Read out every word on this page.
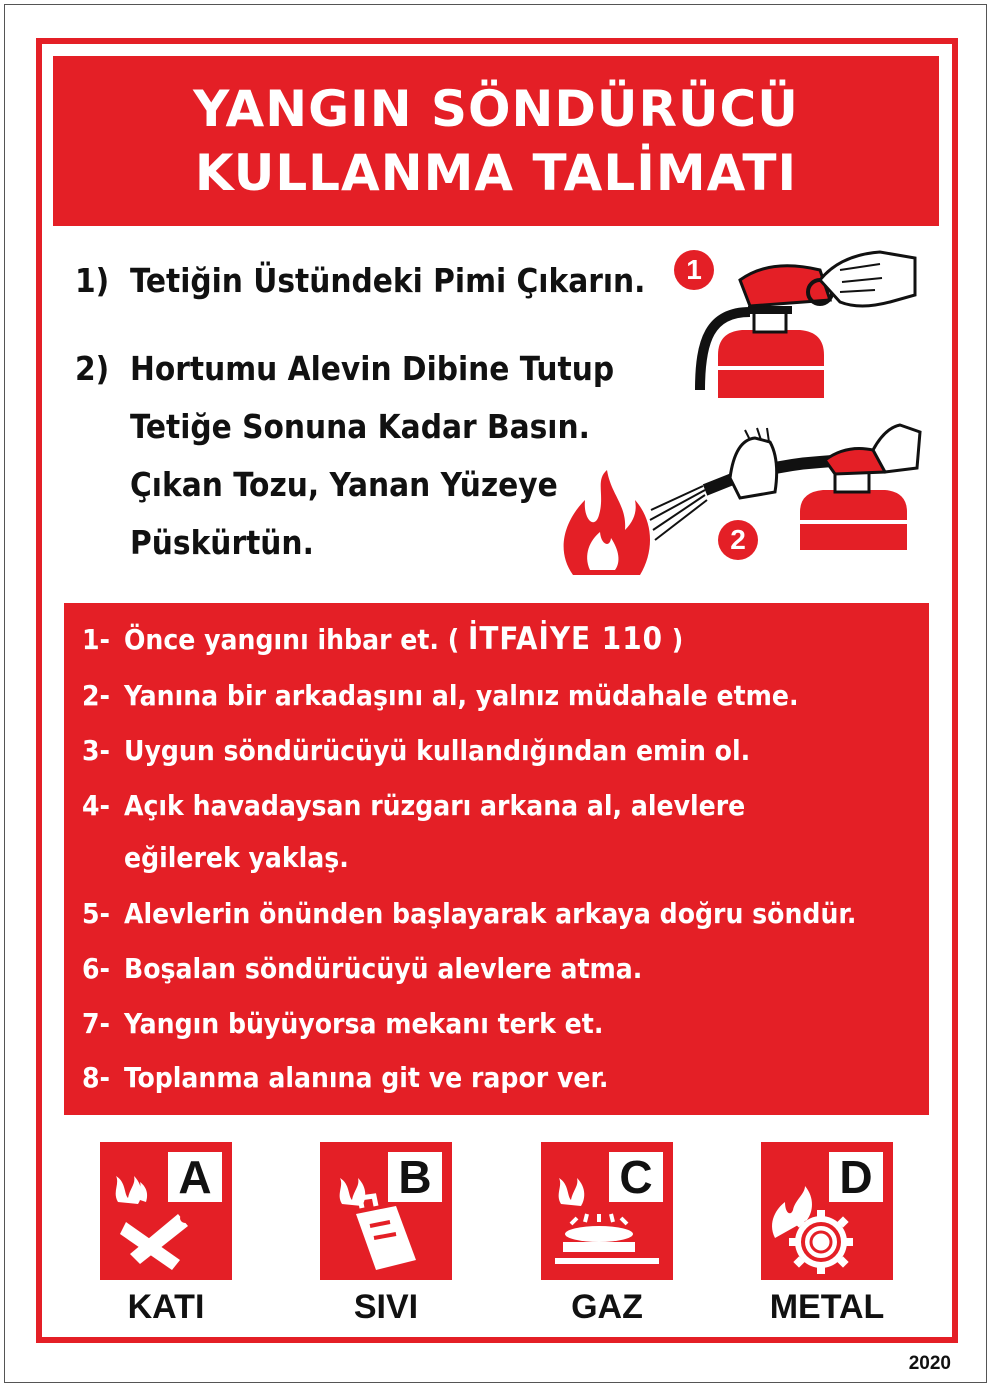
YANGIN SÖNDÜRÜCÜ
KULLANMA TALİMATI
1) Tetiğin Üstündeki Pimi Çıkarın.
2) Hortumu Alevin Dibine Tutup
Tetiğe Sonuna Kadar Basın.
Çıkan Tozu, Yanan Yüzeye
Püskürtün.
1
2
1- Önce yangını ihbar et. ( İTFAİYE 110 )
2- Yanına bir arkadaşını al, yalnız müdahale etme.
3- Uygun söndürücüyü kullandığından emin ol.
4- Açık havadaysan rüzgarı arkana al, alevlere
eğilerek yaklaş.
5- Alevlerin önünden başlayarak arkaya doğru söndür.
6- Boşalan söndürücüyü alevlere atma.
7- Yangın büyüyorsa mekanı terk et.
8- Toplanma alanına git ve rapor ver.
A
KATI
B
SIVI
C
GAZ
D
METAL
2020
